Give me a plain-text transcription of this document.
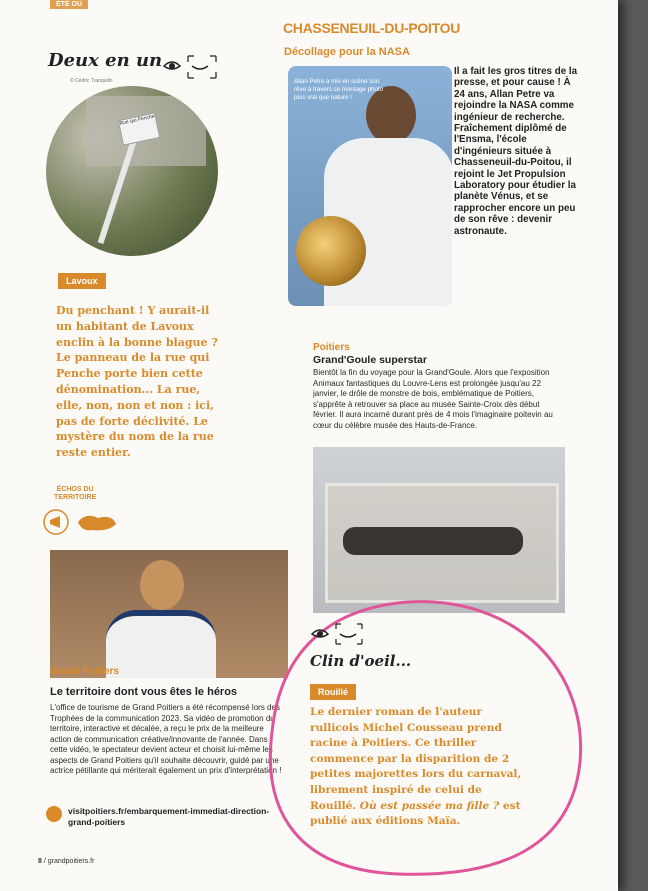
ÉTÉ OÙ
Deux en un
© Cédric Tranquilin
Rue qui Penche
Lavoux
Du penchant ! Y aurait-il un habitant de Lavoux enclin à la bonne blague ? Le panneau de la rue qui Penche porte bien cette dénomination... La rue, elle, non, non et non : ici, pas de forte déclivité. Le mystère du nom de la rue reste entier.
CHASSENEUIL-DU-POITOU
Décollage pour la NASA
Allan Petre a mis en scène son rêve à travers ce montage photo plus vrai que nature !
Il a fait les gros titres de la presse, et pour cause ! À 24 ans, Allan Petre va rejoindre la NASA comme ingénieur de recherche. Fraîchement diplômé de l'Ensma, l'école d'ingénieurs située à Chasseneuil-du-Poitou, il rejoint le Jet Propulsion Laboratory pour étudier la planète Vénus, et se rapprocher encore un peu de son rêve : devenir astronaute.
Poitiers
Grand'Goule superstar
Bientôt la fin du voyage pour la Grand'Goule. Alors que l'exposition Animaux fantastiques du Louvre-Lens est prolongée jusqu'au 22 janvier, le drôle de monstre de bois, emblématique de Poitiers, s'apprête à retrouver sa place au musée Sainte-Croix dès début février. Il aura incarné durant près de 4 mois l'imaginaire poitevin au cœur du célèbre musée des Hauts-de-France.
ÉCHOS DU
TERRITOIRE
Grand Poitiers
Le territoire dont vous êtes le héros
L'office de tourisme de Grand Poitiers a été récompensé lors des Trophées de la communication 2023. Sa vidéo de promotion du territoire, interactive et décalée, a reçu le prix de la meilleure action de communication créative/innovante de l'année. Dans cette vidéo, le spectateur devient acteur et choisit lui-même les aspects de Grand Poitiers qu'il souhaite découvrir, guidé par une actrice pétillante qui mériterait également un prix d'interprétation !
visitpoitiers.fr/embarquement-immediat-direction-grand-poitiers
Clin d'oeil...
Rouillé
Le dernier roman de l'auteur rullicois Michel Cousseau prend racine à Poitiers. Ce thriller commence par la disparition de 2 petites majorettes lors du carnaval, librement inspiré de celui de Rouillé. Où est passée ma fille ? est publié aux éditions Maïa.
8 / grandpoitiers.fr
